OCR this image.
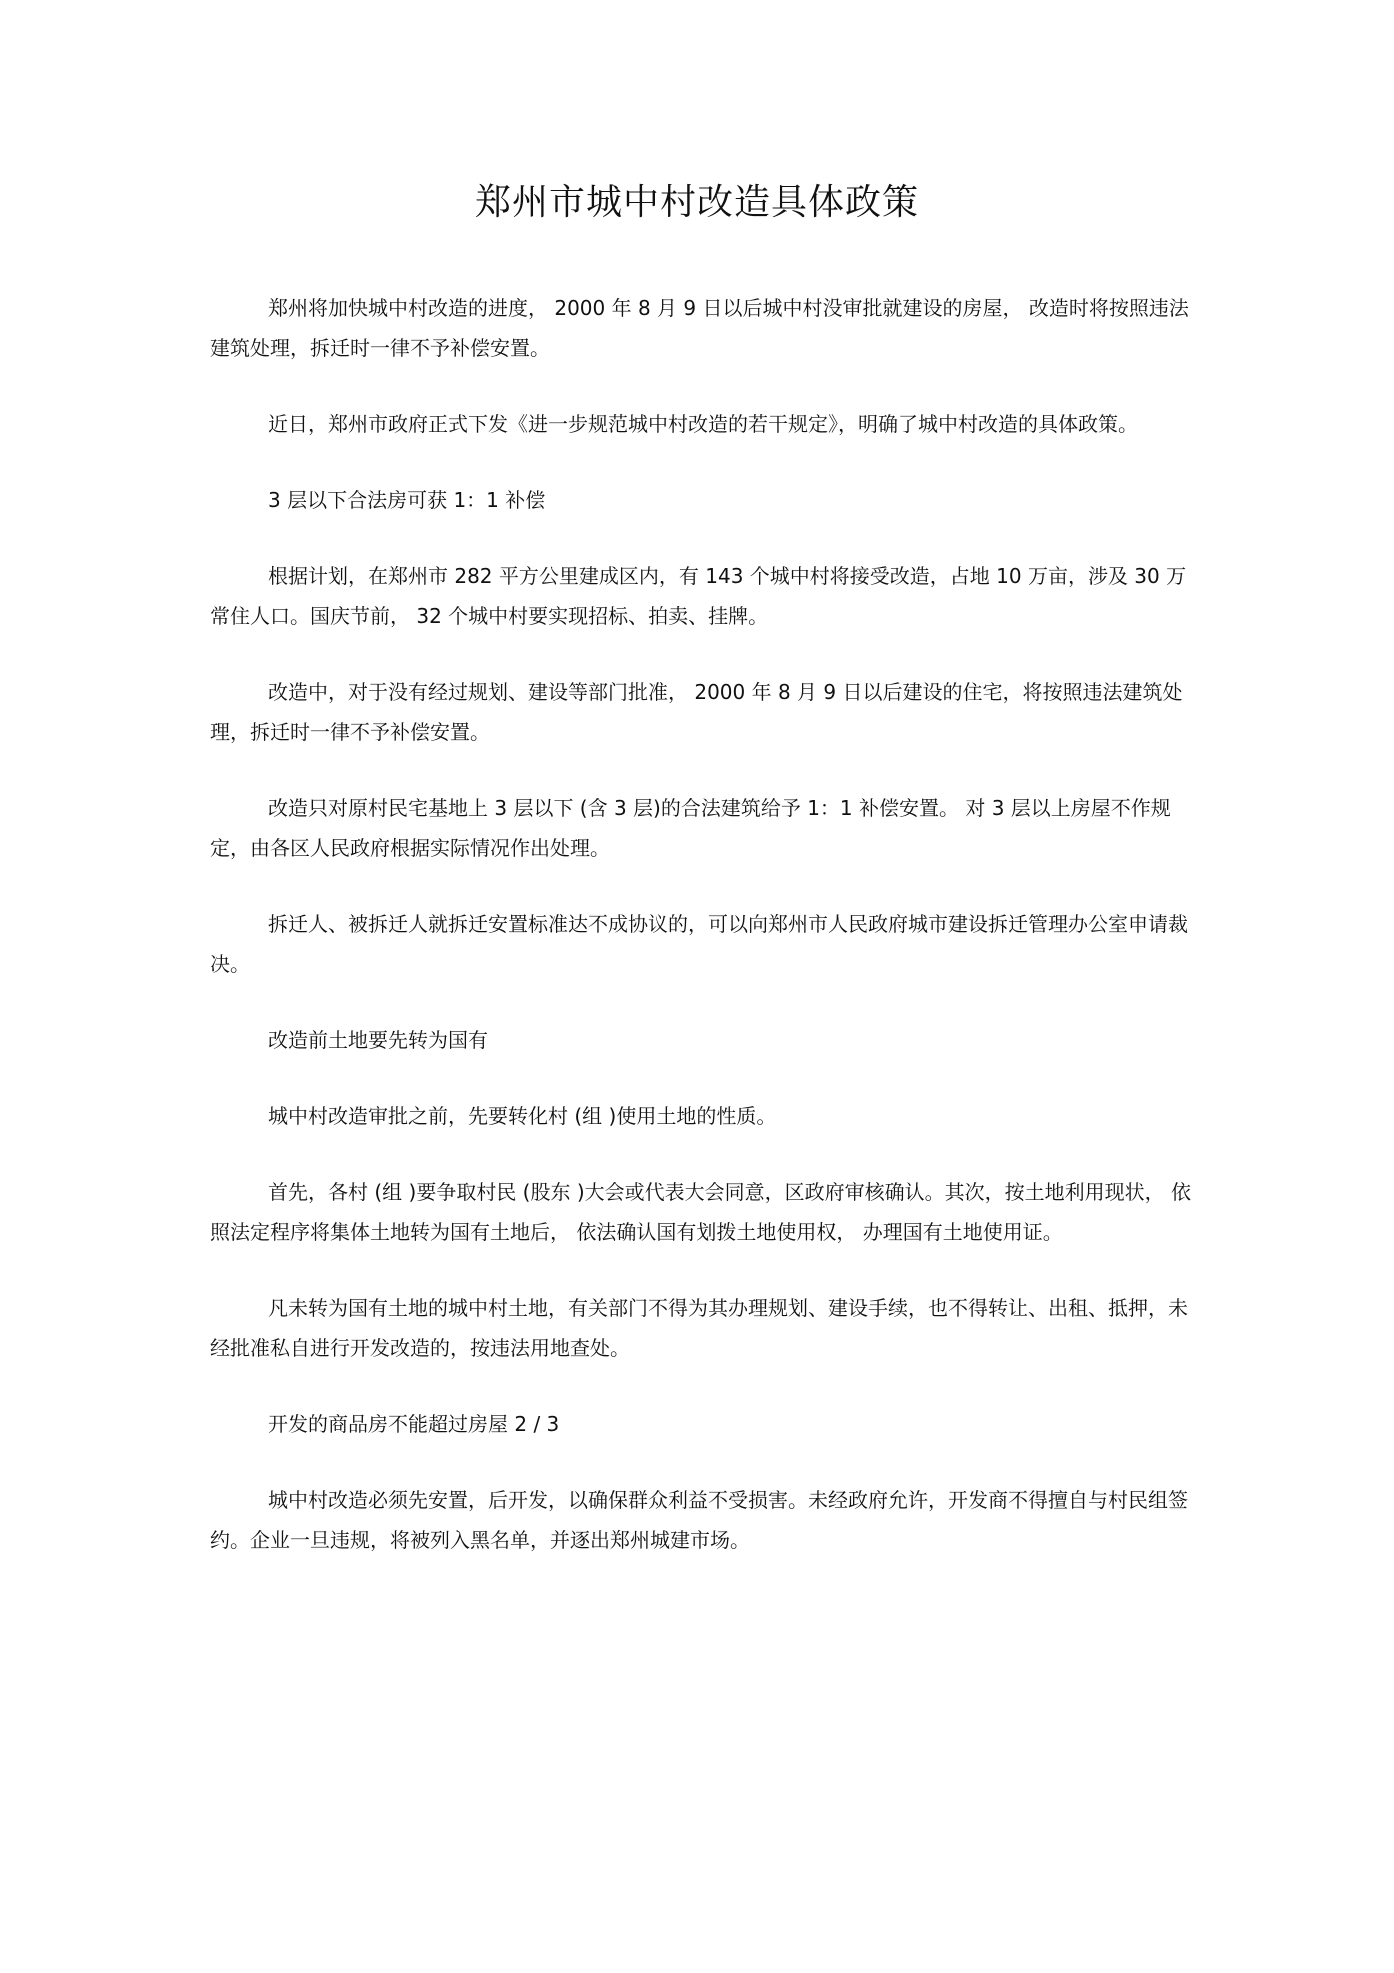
郑州市城中村改造具体政策

郑州将加快城中村改造的进度， 2000 年 8 月 9 日以后城中村没审批就建设的房屋， 改造时将按照违法建筑处理，拆迁时一律不予补偿安置。

近日，郑州市政府正式下发《进一步规范城中村改造的若干规定》，明确了城中村改造的具体政策。

3 层以下合法房可获 1：1 补偿

根据计划，在郑州市 282 平方公里建成区内，有 143 个城中村将接受改造，占地 10 万亩，涉及 30 万常住人口。国庆节前， 32 个城中村要实现招标、拍卖、挂牌。

改造中，对于没有经过规划、建设等部门批准， 2000 年 8 月 9 日以后建设的住宅，将按照违法建筑处理，拆迁时一律不予补偿安置。

改造只对原村民宅基地上 3 层以下 (含 3 层)的合法建筑给予 1：1 补偿安置。 对 3 层以上房屋不作规定，由各区人民政府根据实际情况作出处理。

拆迁人、被拆迁人就拆迁安置标准达不成协议的，可以向郑州市人民政府城市建设拆迁管理办公室申请裁决。

改造前土地要先转为国有

城中村改造审批之前，先要转化村 (组 )使用土地的性质。

首先，各村 (组 )要争取村民 (股东 )大会或代表大会同意，区政府审核确认。其次，按土地利用现状， 依照法定程序将集体土地转为国有土地后， 依法确认国有划拨土地使用权， 办理国有土地使用证。

凡未转为国有土地的城中村土地，有关部门不得为其办理规划、建设手续，也不得转让、出租、抵押，未经批准私自进行开发改造的，按违法用地查处。

开发的商品房不能超过房屋 2 / 3

城中村改造必须先安置，后开发，以确保群众利益不受损害。未经政府允许，开发商不得擅自与村民组签约。企业一旦违规，将被列入黑名单，并逐出郑州城建市场。
